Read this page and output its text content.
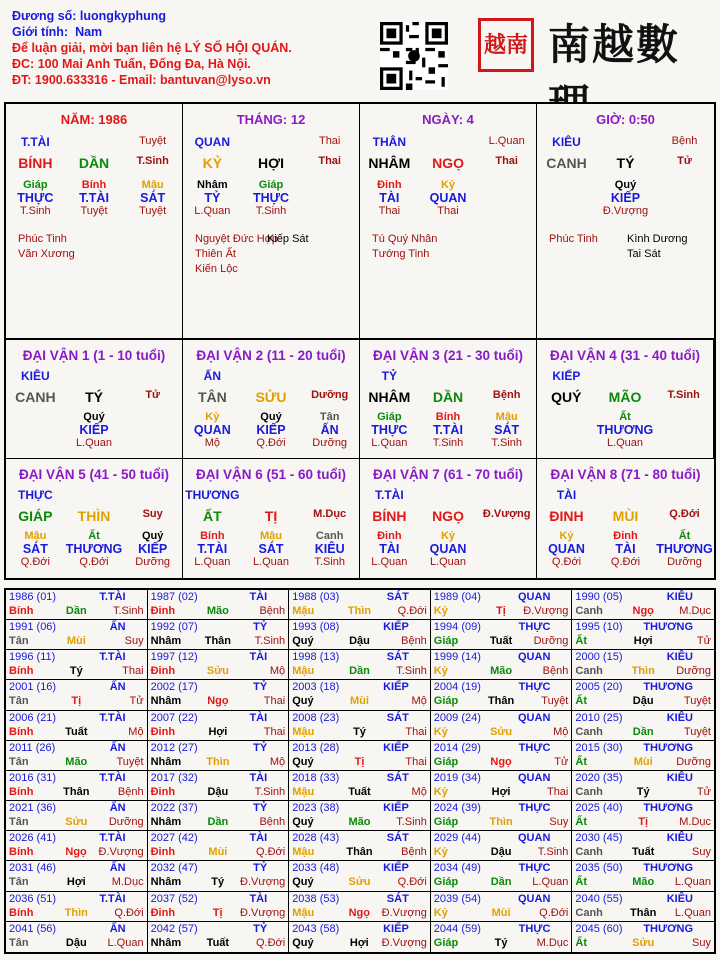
Đương số: luongkyphung
Giới tính: Nam
Để luận giải, mời bạn liên hệ LÝ SỐ HỘI QUÁN.
ĐC: 100 Mai Anh Tuấn, Đống Đa, Hà Nội.
ĐT: 1900.633316 - Email: bantuvan@lyso.vn
越南 南越數
NĂM: 1986
T.TÀI	Tuyệt
BÍNH	DẦN	T.Sinh
Giáp	Bính	Mậu
THỰC	T.TÀI	SÁT
T.Sinh	Tuyệt	Tuyệt
Phúc Tinh
Văn Xương
THÁNG: 12
QUAN	Thai
KỶ	HỢI	Thai
Nhâm	Giáp
TỶ	THỰC
L.Quan	T.Sinh
Nguyệt Đức Hợp
Thiên Ất
Kiến Lộc
Kiếp Sát
NGÀY: 4
THÂN	L.Quan
NHÂM	NGỌ	Thai
Đinh	Kỷ
TÀI	QUAN
Thai	Thai
Tú Quý Nhân
Tướng Tinh
GIỜ: 0:50
KIÊU	Bệnh
CANH	TÝ	Tử
Quý
KIẾP
Đ.Vượng
Phúc Tinh	Kình Dương
Tai Sát
ĐẠI VẬN 1 (1 - 10 tuổi)
KIÊU
CANH	TÝ	Tử
Quý
KIẾP
L.Quan
ĐẠI VẬN 2 (11 - 20 tuổi)
ẤN
TÂN	SỬU	Dưỡng
Kỷ	Quý	Tân
QUAN	KIẾP	ẤN
Mộ	Q.Đới	Dưỡng
ĐẠI VẬN 3 (21 - 30 tuổi)
TỶ
NHÂM	DẦN	Bệnh
Giáp	Bính	Mậu
THỰC	T.TÀI	SÁT
L.Quan	T.Sinh	T.Sinh
ĐẠI VẬN 4 (31 - 40 tuổi)
KIẾP
QUÝ	MÃO	T.Sinh
Ất
THƯƠNG
L.Quan
ĐẠI VẬN 5 (41 - 50 tuổi)
THỰC
GIÁP	THÌN	Suy
Mậu	Ất	Quý
SÁT	THƯƠNG	KIẾP
Q.Đới	Q.Đới	Dưỡng
ĐẠI VẬN 6 (51 - 60 tuổi)
THƯƠNG
ẤT	TỊ	M.Dục
Bính	Mậu	Canh
T.TÀI	SÁT	KIÊU
L.Quan	L.Quan	T.Sinh
ĐẠI VẬN 7 (61 - 70 tuổi)
T.TÀI
BÍNH	NGỌ	Đ.Vượng
Đinh	Kỷ
TÀI	QUAN
L.Quan	L.Quan
ĐẠI VẬN 8 (71 - 80 tuổi)
TÀI
ĐINH	MÙI	Q.Đới
Kỷ	Đinh	Ất
QUAN	TÀI	THƯƠNG
Q.Đới	Q.Đới	Dưỡng
1986 (01)	T.TÀI
Bính	Dần	T.Sinh
1987 (02)	TÀI
Đinh	Mão	Bệnh
1988 (03)	SÁT
Mậu	Thìn	Q.Đới
1989 (04)	QUAN
Kỷ	Tị	Đ.Vượng
1990 (05)	KIÊU
Canh	Ngọ	M.Dục
1991 (06)	ẤN
Tân	Mùi	Suy
1992 (07)	TỶ
Nhâm	Thân	T.Sinh
1993 (08)	KIẾP
Quý	Dậu	Bệnh
1994 (09)	THỰC
Giáp	Tuất	Dưỡng
1995 (10) THƯƠNG
Ất	Hợi	Tử
1996 (11)	T.TÀI
Bính	Tý	Thai
1997 (12)	TÀI
Đinh	Sửu	Mộ
1998 (13)	SÁT
Mậu	Dần	T.Sinh
1999 (14)	QUAN
Kỷ	Mão	Bệnh
2000 (15)	KIÊU
Canh	Thìn	Dưỡng
2001 (16)	ẤN
Tân	Tị	Tử
2002 (17)	TỶ
Nhâm	Ngọ	Thai
2003 (18)	KIẾP
Quý	Mùi	Mộ
2004 (19)	THỰC
Giáp	Thân	Tuyệt
2005 (20) THƯƠNG
Ất	Dậu	Tuyệt
2006 (21)	T.TÀI
Bính	Tuất	Mộ
2007 (22)	TÀI
Đinh	Hợi	Thai
2008 (23)	SÁT
Mậu	Tý	Thai
2009 (24)	QUAN
Kỷ	Sửu	Mộ
2010 (25)	KIÊU
Canh	Dần	Tuyệt
2011 (26)	ẤN
Tân	Mão	Tuyệt
2012 (27)	TỶ
Nhâm	Thìn	Mộ
2013 (28)	KIẾP
Quý	Tị	Thai
2014 (29)	THỰC
Giáp	Ngọ	Tử
2015 (30) THƯƠNG
Ất	Mùi	Dưỡng
2016 (31)	T.TÀI
Bính	Thân	Bệnh
2017 (32)	TÀI
Đinh	Dậu	T.Sinh
2018 (33)	SÁT
Mậu	Tuất	Mộ
2019 (34)	QUAN
Kỷ	Hợi	Thai
2020 (35)	KIÊU
Canh	Tý	Tử
2021 (36)	ẤN
Tân	Sửu	Dưỡng
2022 (37)	TỶ
Nhâm	Dần	Bệnh
2023 (38)	KIẾP
Quý	Mão	T.Sinh
2024 (39)	THỰC
Giáp	Thìn	Suy
2025 (40) THƯƠNG
Ất	Tị	M.Dục
2026 (41)	T.TÀI
Bính	Ngọ	Đ.Vượng
2027 (42)	TÀI
Đinh	Mùi	Q.Đới
2028 (43)	SÁT
Mậu	Thân	Bệnh
2029 (44)	QUAN
Kỷ	Dậu	T.Sinh
2030 (45)	KIÊU
Canh	Tuất	Suy
2031 (46)	ẤN
Tân	Hợi	M.Dục
2032 (47)	TỶ
Nhâm	Tý	Đ.Vượng
2033 (48)	KIẾP
Quý	Sửu	Q.Đới
2034 (49)	THỰC
Giáp	Dần	L.Quan
2035 (50) THƯƠNG
Ất	Mão	L.Quan
2036 (51)	T.TÀI
Bính	Thìn	Q.Đới
2037 (52)	TÀI
Đinh	Tị	Đ.Vượng
2038 (53)	SÁT
Mậu	Ngọ	Đ.Vượng
2039 (54)	QUAN
Kỷ	Mùi	Q.Đới
2040 (55)	KIÊU
Canh	Thân	L.Quan
2041 (56)	ẤN
Tân	Dậu	L.Quan
2042 (57)	TỶ
Nhâm	Tuất	Q.Đới
2043 (58)	KIẾP
Quý	Hợi	Đ.Vượng
2044 (59)	THỰC
Giáp	Tý	M.Dục
2045 (60) THƯƠNG
Ất	Sửu	Suy
